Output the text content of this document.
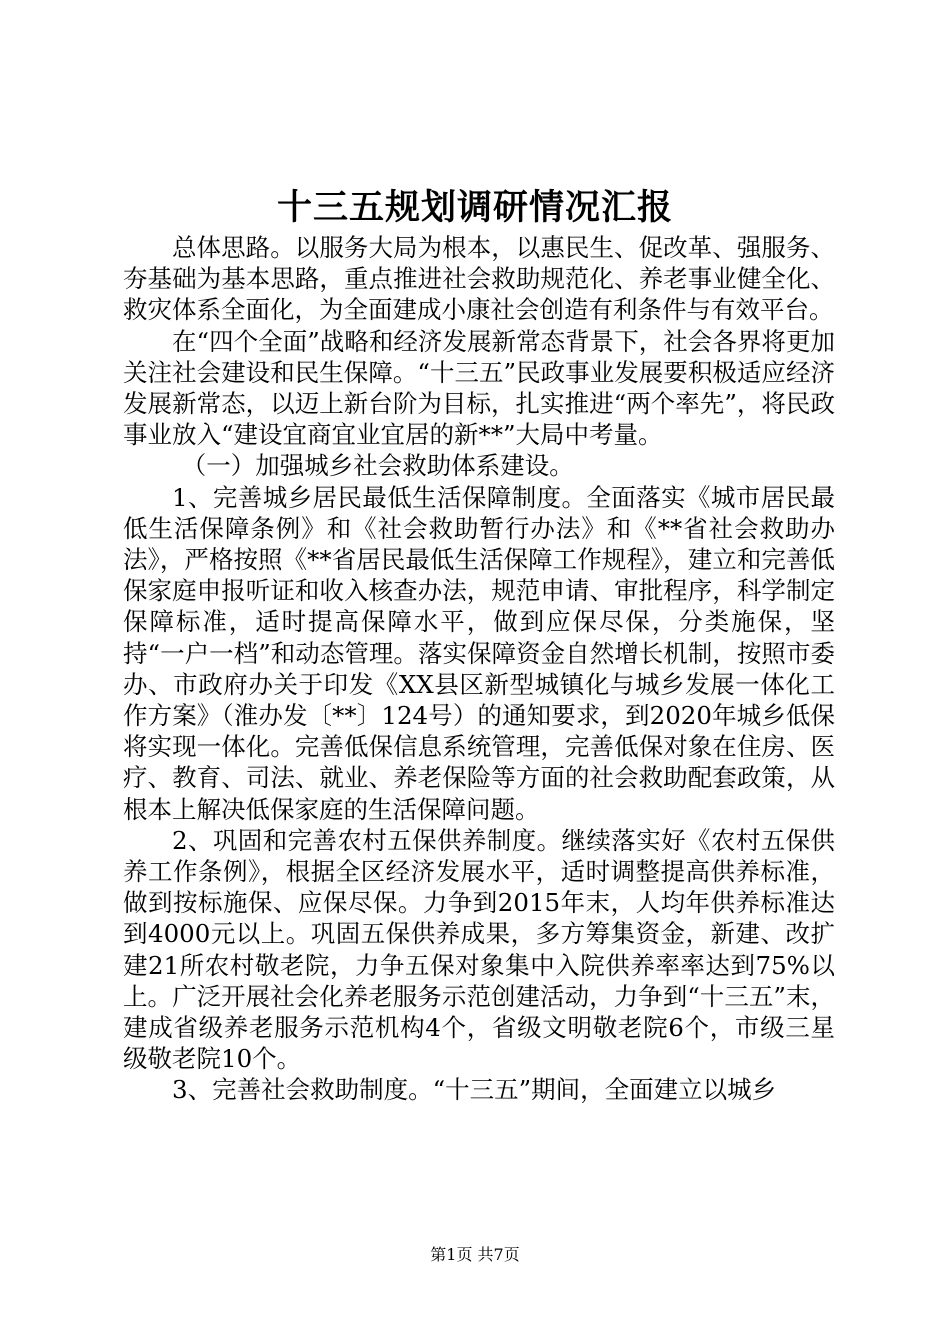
十三五规划调研情况汇报

总体思路。以服务大局为根本，以惠民生、促改革、强服务、夯基础为基本思路，重点推进社会救助规范化、养老事业健全化、救灾体系全面化，为全面建成小康社会创造有利条件与有效平台。

在“四个全面”战略和经济发展新常态背景下，社会各界将更加关注社会建设和民生保障。“十三五”民政事业发展要积极适应经济发展新常态，以迈上新台阶为目标，扎实推进“两个率先”，将民政事业放入“建设宜商宜业宜居的新**”大局中考量。

（一）加强城乡社会救助体系建设。

1、完善城乡居民最低生活保障制度。全面落实《城市居民最低生活保障条例》和《社会救助暂行办法》和《**省社会救助办法》，严格按照《**省居民最低生活保障工作规程》，建立和完善低保家庭申报听证和收入核查办法，规范申请、审批程序，科学制定保障标准，适时提高保障水平，做到应保尽保，分类施保，坚持“一户一档”和动态管理。落实保障资金自然增长机制，按照市委办、市政府办关于印发《XX县区新型城镇化与城乡发展一体化工作方案》（淮办发〔**〕124号）的通知要求，到2020年城乡低保将实现一体化。完善低保信息系统管理，完善低保对象在住房、医疗、教育、司法、就业、养老保险等方面的社会救助配套政策，从根本上解决低保家庭的生活保障问题。

2、巩固和完善农村五保供养制度。继续落实好《农村五保供养工作条例》，根据全区经济发展水平，适时调整提高供养标准，做到按标施保、应保尽保。力争到2015年末，人均年供养标准达到4000元以上。巩固五保供养成果，多方筹集资金，新建、改扩建21所农村敬老院，力争五保对象集中入院供养率率达到75%以上。广泛开展社会化养老服务示范创建活动，力争到“十三五”末，建成省级养老服务示范机构4个，省级文明敬老院6个，市级三星级敬老院10个。

3、完善社会救助制度。“十三五”期间，全面建立以城乡

第1页 共7页
